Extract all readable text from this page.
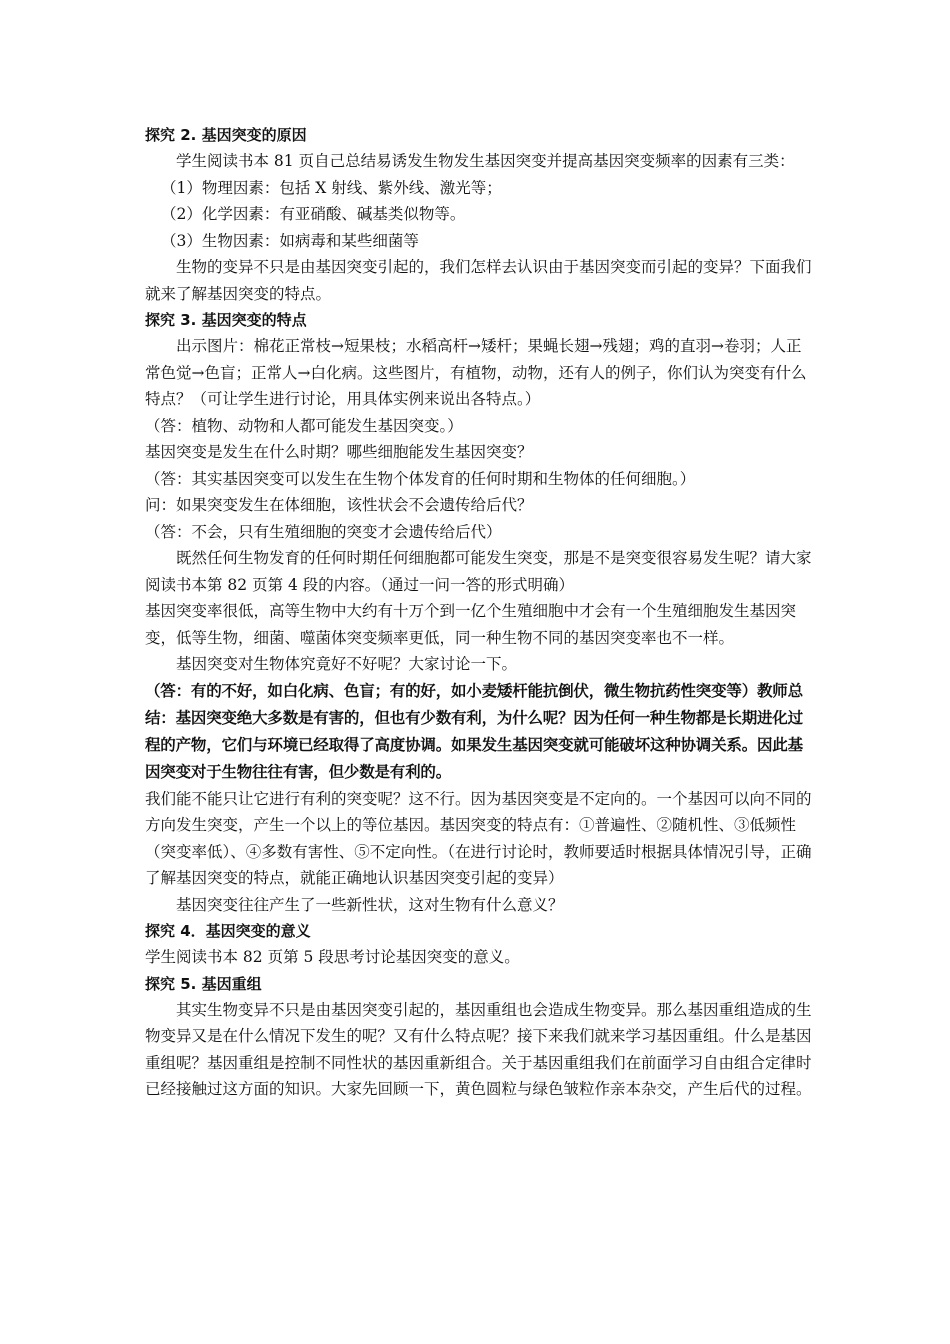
探究 2. 基因突变的原因

学生阅读书本 81 页自己总结易诱发生物发生基因突变并提高基因突变频率的因素有三类：

（1）物理因素：包括 X 射线、紫外线、激光等；

（2）化学因素：有亚硝酸、碱基类似物等。

（3）生物因素：如病毒和某些细菌等

生物的变异不只是由基因突变引起的，我们怎样去认识由于基因突变而引起的变异？下面我们就来了解基因突变的特点。

探究 3. 基因突变的特点

出示图片：棉花正常枝→短果枝；水稻高杆→矮杆；果蝇长翅→残翅；鸡的直羽→卷羽；人正常色觉→色盲；正常人→白化病。这些图片，有植物，动物，还有人的例子，你们认为突变有什么特点？（可让学生进行讨论，用具体实例来说出各特点。）

（答：植物、动物和人都可能发生基因突变。）

基因突变是发生在什么时期？哪些细胞能发生基因突变？

（答：其实基因突变可以发生在生物个体发育的任何时期和生物体的任何细胞。）

问：如果突变发生在体细胞，该性状会不会遗传给后代？

（答：不会，只有生殖细胞的突变才会遗传给后代）

既然任何生物发育的任何时期任何细胞都可能发生突变，那是不是突变很容易发生呢？请大家阅读书本第 82 页第 4 段的内容。（通过一问一答的形式明确）

基因突变率很低，高等生物中大约有十万个到一亿个生殖细胞中才会有一个生殖细胞发生基因突变，低等生物，细菌、噬菌体突变频率更低，同一种生物不同的基因突变率也不一样。

基因突变对生物体究竟好不好呢？大家讨论一下。

（答：有的不好，如白化病、色盲；有的好，如小麦矮杆能抗倒伏，微生物抗药性突变等）教师总结：基因突变绝大多数是有害的，但也有少数有利，为什么呢？因为任何一种生物都是长期进化过程的产物，它们与环境已经取得了高度协调。如果发生基因突变就可能破坏这种协调关系。因此基因突变对于生物往往有害，但少数是有利的。

我们能不能只让它进行有利的突变呢？这不行。因为基因突变是不定向的。一个基因可以向不同的方向发生突变，产生一个以上的等位基因。基因突变的特点有：①普遍性、②随机性、③低频性（突变率低）、④多数有害性、⑤不定向性。（在进行讨论时，教师要适时根据具体情况引导，正确了解基因突变的特点，就能正确地认识基因突变引起的变异）

基因突变往往产生了一些新性状，这对生物有什么意义？

探究 4．基因突变的意义

学生阅读书本 82 页第 5 段思考讨论基因突变的意义。

探究 5. 基因重组

其实生物变异不只是由基因突变引起的，基因重组也会造成生物变异。那么基因重组造成的生物变异又是在什么情况下发生的呢？又有什么特点呢？接下来我们就来学习基因重组。什么是基因重组呢？基因重组是控制不同性状的基因重新组合。关于基因重组我们在前面学习自由组合定律时已经接触过这方面的知识。大家先回顾一下，黄色圆粒与绿色皱粒作亲本杂交，产生后代的过程。
